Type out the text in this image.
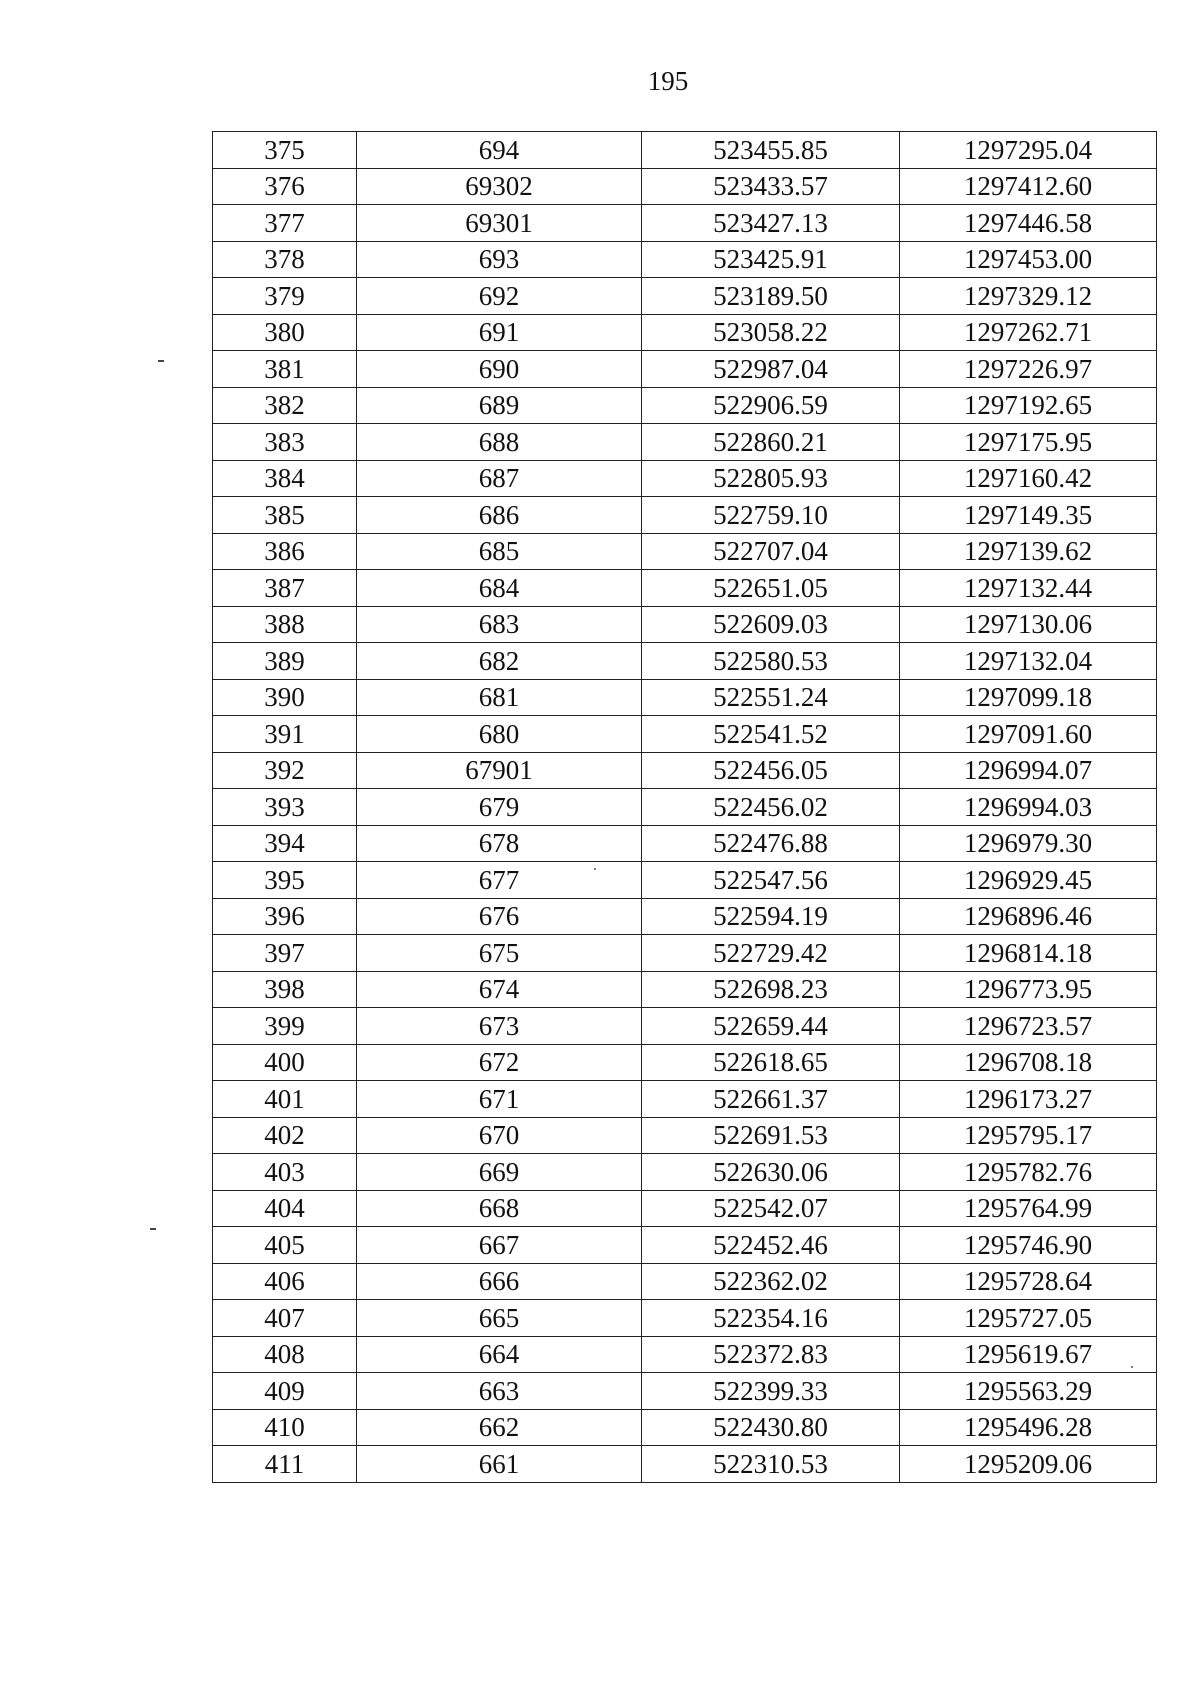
195
375	694	523455.85	1297295.04
376	69302	523433.57	1297412.60
377	69301	523427.13	1297446.58
378	693	523425.91	1297453.00
379	692	523189.50	1297329.12
380	691	523058.22	1297262.71
381	690	522987.04	1297226.97
382	689	522906.59	1297192.65
383	688	522860.21	1297175.95
384	687	522805.93	1297160.42
385	686	522759.10	1297149.35
386	685	522707.04	1297139.62
387	684	522651.05	1297132.44
388	683	522609.03	1297130.06
389	682	522580.53	1297132.04
390	681	522551.24	1297099.18
391	680	522541.52	1297091.60
392	67901	522456.05	1296994.07
393	679	522456.02	1296994.03
394	678	522476.88	1296979.30
395	677	522547.56	1296929.45
396	676	522594.19	1296896.46
397	675	522729.42	1296814.18
398	674	522698.23	1296773.95
399	673	522659.44	1296723.57
400	672	522618.65	1296708.18
401	671	522661.37	1296173.27
402	670	522691.53	1295795.17
403	669	522630.06	1295782.76
404	668	522542.07	1295764.99
405	667	522452.46	1295746.90
406	666	522362.02	1295728.64
407	665	522354.16	1295727.05
408	664	522372.83	1295619.67
409	663	522399.33	1295563.29
410	662	522430.80	1295496.28
411	661	522310.53	1295209.06
